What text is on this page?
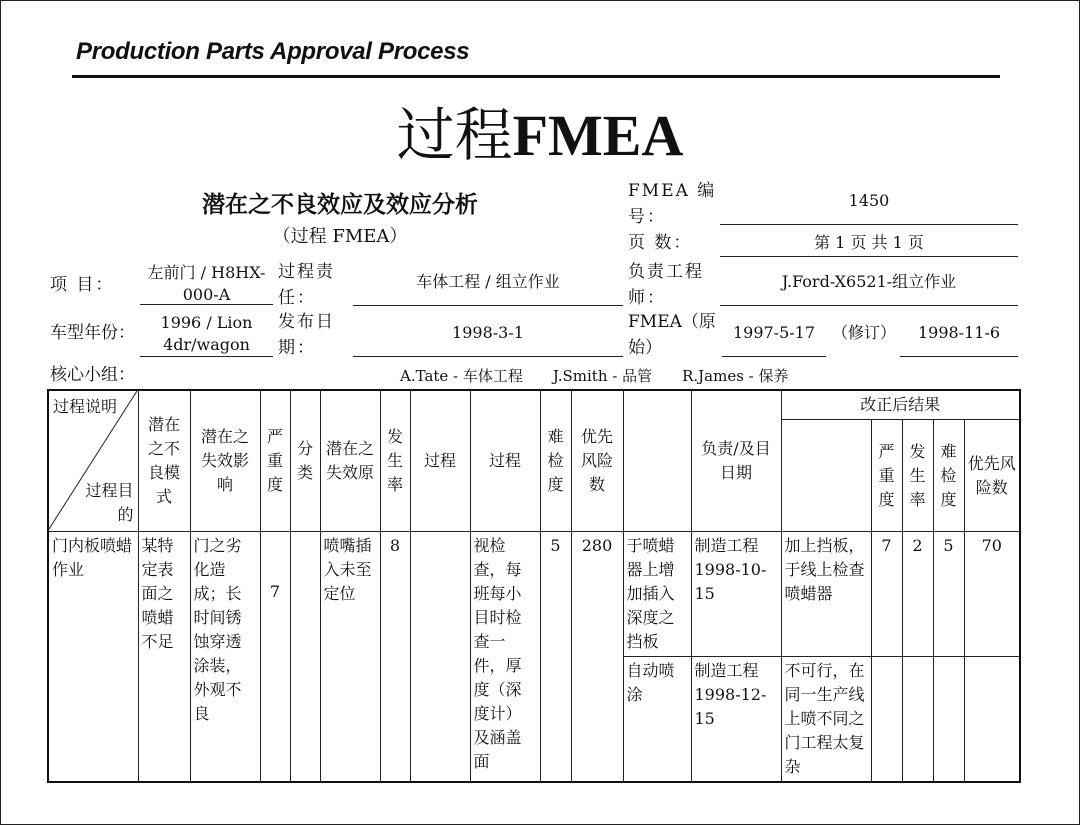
Production Parts Approval Process
过程FMEA
潜在之不良效应及效应分析
（过程 FMEA）
FMEA 编号：
1450
页 数：	第 1 页 共 1 页
项 目：
左前门 / H8HX-000-A
过程责任：
车体工程 / 组立作业	负责工程师：
J.Ford-X6521-组立作业
车型年份：
1996 / Lion 4dr/wagon
发布日期：
1998-3-1
FMEA（原始）
1997-5-17	（修订）	1998-11-6
核心小组：	A.Tate - 车体工程　　J.Smith - 品管　　R.James - 保养
过程说明
过程目的	潜在之不良模式	潜在之失效影响	严重度	分类	潜在之失效原	发生率	过程	过程	难检度	优先风险数		负责/及目日期	改正后结果				
														严重度	发生率	难检度	优先风险数
门内板喷蜡作业	某特定表面之喷蜡不足	门之劣化造成；长时间锈蚀穿透涂装，外观不良	7		喷嘴插入未至定位	8		视检查，每班每小目时检查一件，厚度（深度计）及涵盖面	5	280	于喷蜡器上增加插入深度之挡板	制造工程 1998-10-15	加上挡板，于线上检查喷蜡器	7	2	5	70
											自动喷涂	制造工程 1998-12-15	不可行，在同一生产线上喷不同之门工程太复杂				
